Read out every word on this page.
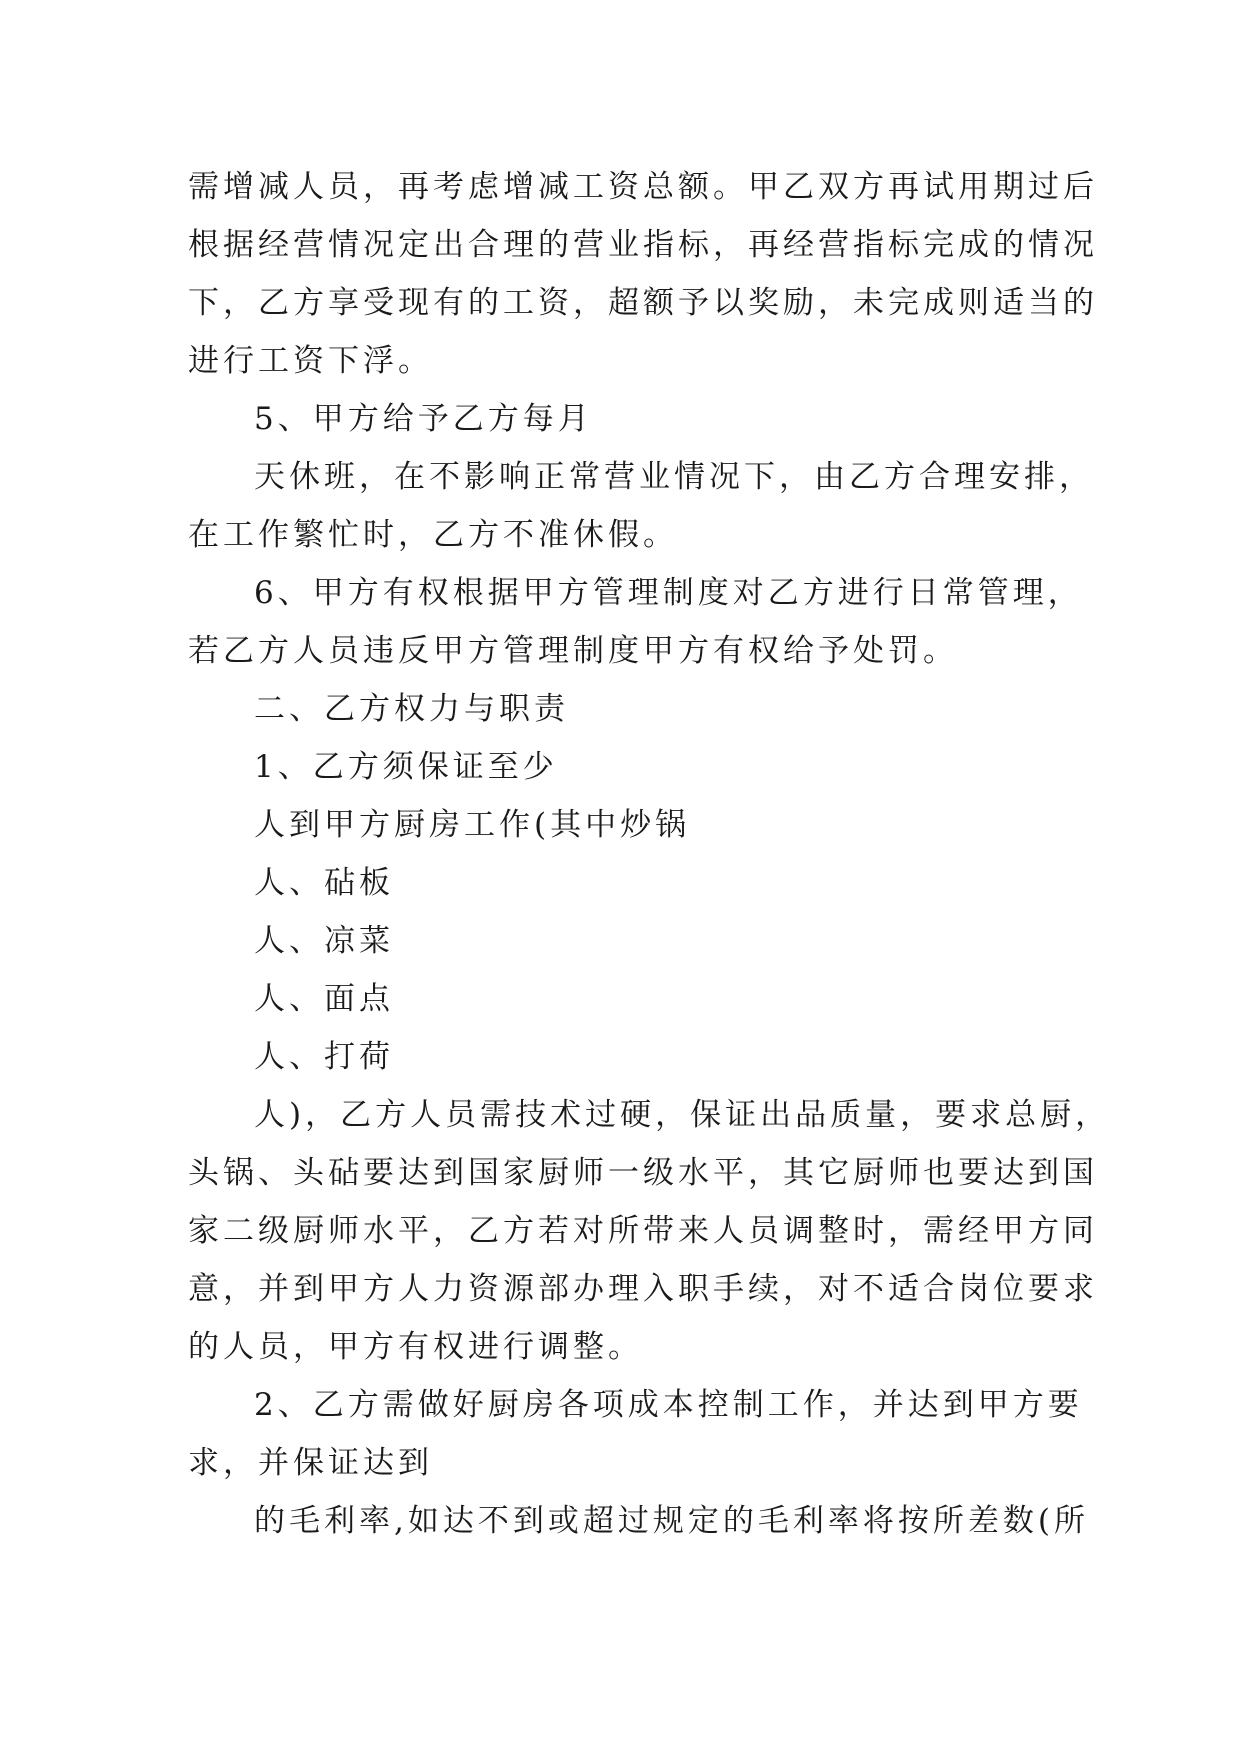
需增减人员，再考虑增减工资总额。甲乙双方再试用期过后
根据经营情况定出合理的营业指标，再经营指标完成的情况
下，乙方享受现有的工资，超额予以奖励，未完成则适当的
进行工资下浮。
5、甲方给予乙方每月
天休班，在不影响正常营业情况下，由乙方合理安排，
在工作繁忙时，乙方不准休假。
6、甲方有权根据甲方管理制度对乙方进行日常管理，
若乙方人员违反甲方管理制度甲方有权给予处罚。
二、乙方权力与职责
1、乙方须保证至少
人到甲方厨房工作(其中炒锅
人、砧板
人、凉菜
人、面点
人、打荷
人)，乙方人员需技术过硬，保证出品质量，要求总厨，
头锅、头砧要达到国家厨师一级水平，其它厨师也要达到国
家二级厨师水平，乙方若对所带来人员调整时，需经甲方同
意，并到甲方人力资源部办理入职手续，对不适合岗位要求
的人员，甲方有权进行调整。
2、乙方需做好厨房各项成本控制工作，并达到甲方要
求，并保证达到
的毛利率,如达不到或超过规定的毛利率将按所差数(所
